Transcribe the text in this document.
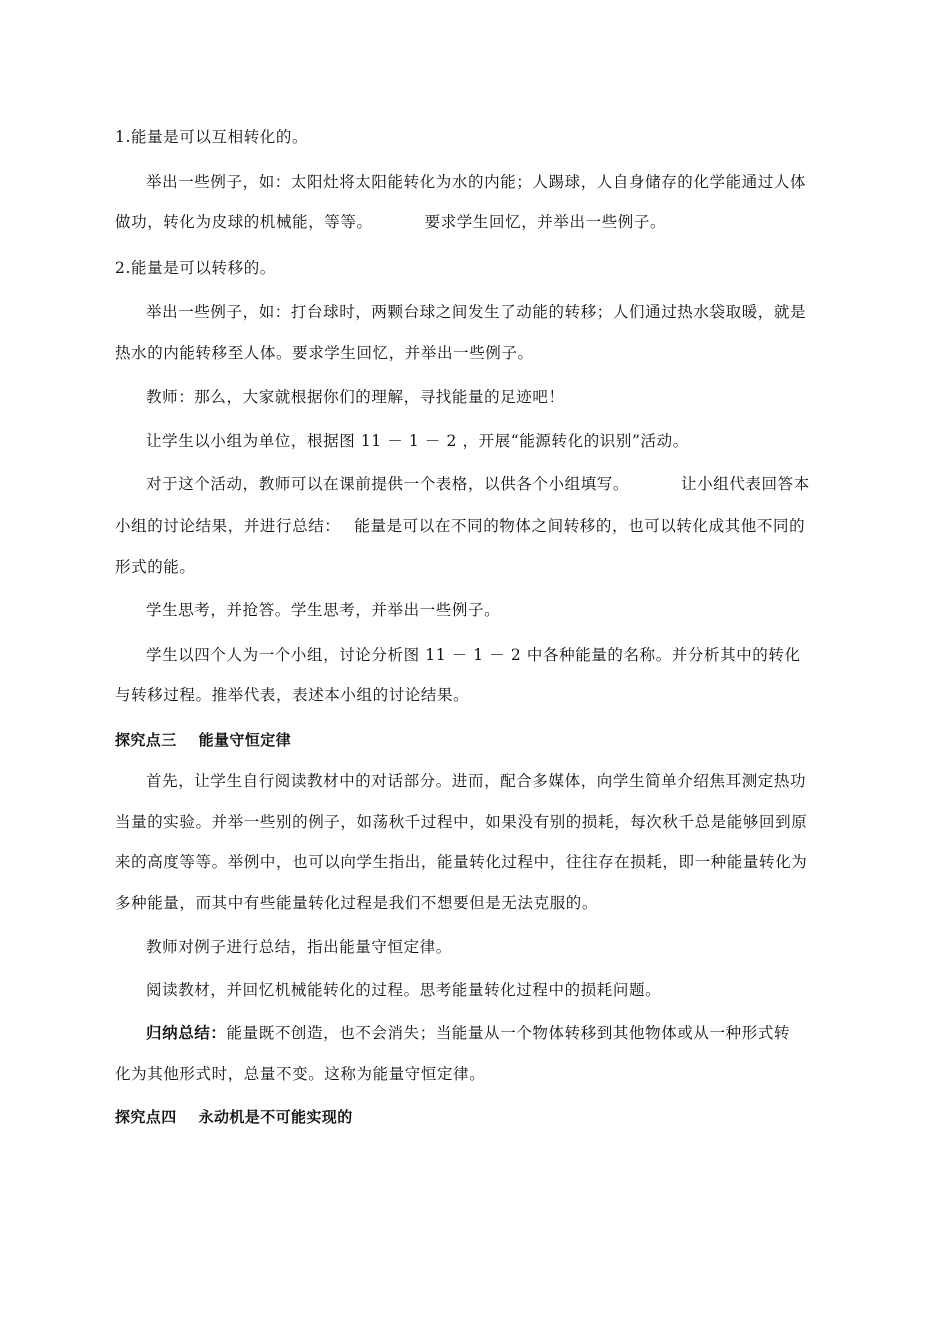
1.能量是可以互相转化的。
举出一些例子，如：太阳灶将太阳能转化为水的内能；人踢球，人自身储存的化学能通过人体
做功，转化为皮球的机械能，等等。	要求学生回忆，并举出一些例子。
2.能量是可以转移的。
举出一些例子，如：打台球时，两颗台球之间发生了动能的转移；人们通过热水袋取暖，就是
热水的内能转移至人体。要求学生回忆，并举出一些例子。
教师：那么，大家就根据你们的理解，寻找能量的足迹吧！
让学生以小组为单位，根据图 11 － 1 － 2 ，开展“能源转化的识别”活动。
对于这个活动，教师可以在课前提供一个表格，以供各个小组填写。	让小组代表回答本
小组的讨论结果，并进行总结： 能量是可以在不同的物体之间转移的，也可以转化成其他不同的
形式的能。
学生思考，并抢答。学生思考，并举出一些例子。
学生以四个人为一个小组，讨论分析图 11 － 1 － 2 中各种能量的名称。并分析其中的转化
与转移过程。推举代表，表述本小组的讨论结果。
探究点三 能量守恒定律
首先，让学生自行阅读教材中的对话部分。进而，配合多媒体，向学生简单介绍焦耳测定热功
当量的实验。并举一些别的例子，如荡秋千过程中，如果没有别的损耗，每次秋千总是能够回到原
来的高度等等。举例中，也可以向学生指出，能量转化过程中，往往存在损耗，即一种能量转化为
多种能量，而其中有些能量转化过程是我们不想要但是无法克服的。
教师对例子进行总结，指出能量守恒定律。
阅读教材，并回忆机械能转化的过程。思考能量转化过程中的损耗问题。
归纳总结：能量既不创造，也不会消失；当能量从一个物体转移到其他物体或从一种形式转
化为其他形式时，总量不变。这称为能量守恒定律。
探究点四 永动机是不可能实现的
